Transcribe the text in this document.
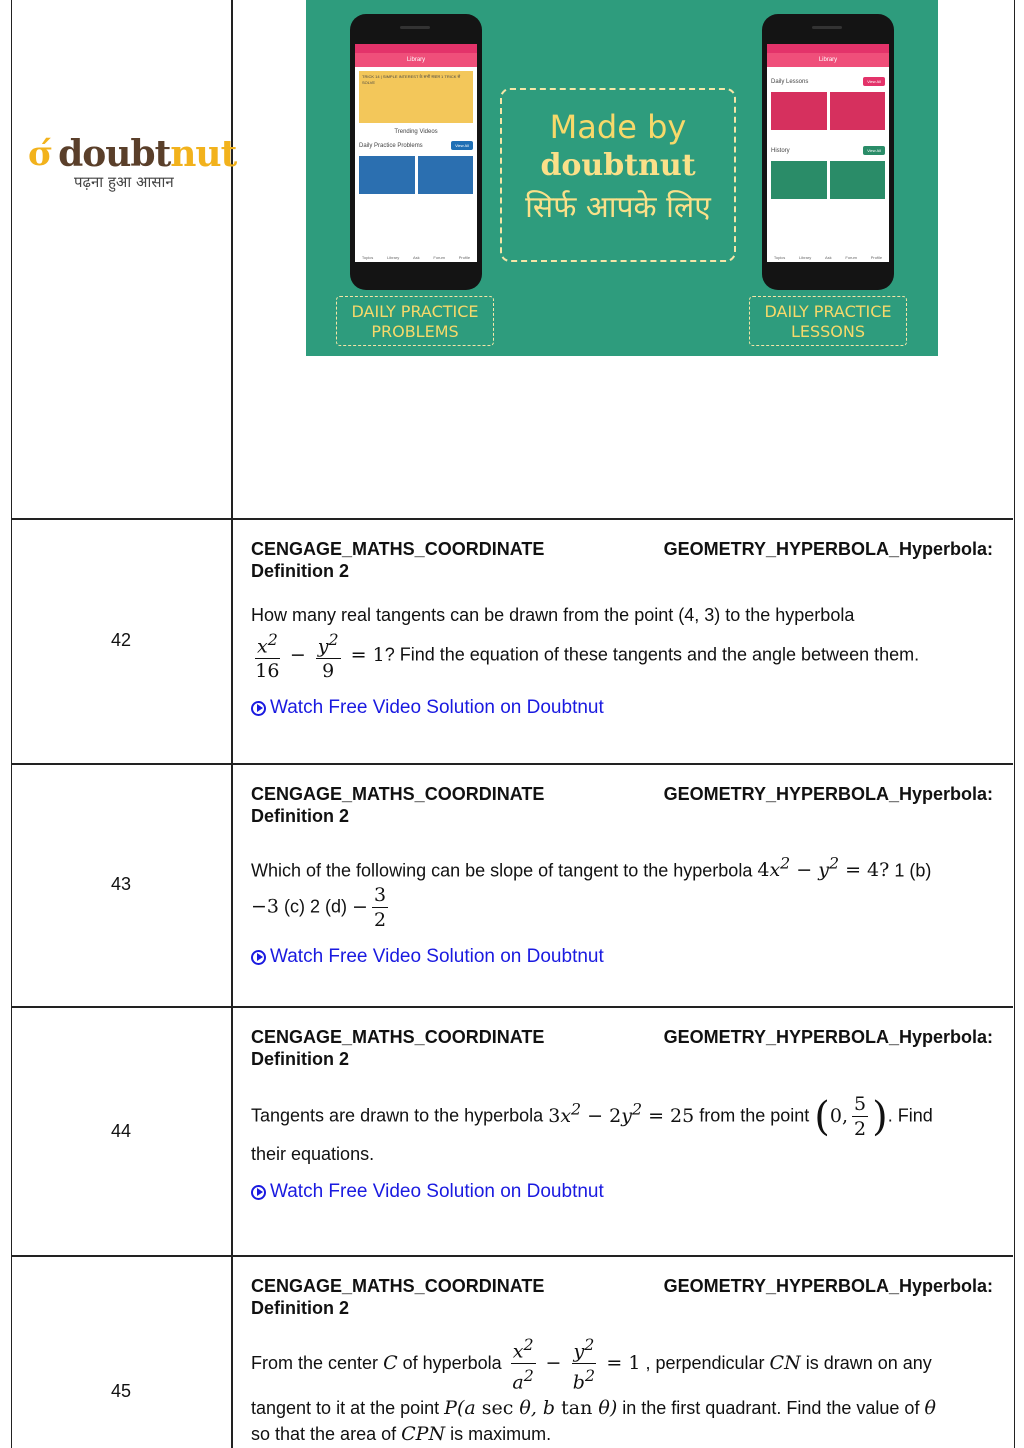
σ́ doubt nut
पढ़ना हुआ आसान
Library
TRICK 14 | SIMPLE INTEREST के सभी सवाल 1 TRICK से SOLVE
Trending Videos
Daily Practice Problems	View All
Topics	Library	Ask	Forum	Profile
Library
Daily Lessons	View All
History	View All
Topics	Library	Ask	Forum	Profile
Made by
doubtnut
सिर्फ आपके लिए
DAILY PRACTICE
PROBLEMS
DAILY PRACTICE
LESSONS
42
CENGAGE_MATHS_COORDINATE	GEOMETRY_HYPERBOLA_Hyperbola:
Definition 2
How many real tangents can be drawn from the point (4, 3) to the hyperbola

$\frac{x^2}{16} - \frac{y^2}{9} = 1$? Find the equation of these tangents and the angle between them.
Watch Free Video Solution on Doubtnut
43
CENGAGE_MATHS_COORDINATE	GEOMETRY_HYPERBOLA_Hyperbola:
Definition 2
Which of the following can be slope of tangent to the hyperbola $4x^2 - y^2 = 4$? 1 (b)
−3 (c) 2 $(d) - \frac{3}{2}$
Watch Free Video Solution on Doubtnut
44
CENGAGE_MATHS_COORDINATE	GEOMETRY_HYPERBOLA_Hyperbola:
Definition 2
Tangents are drawn to the hyperbola $3x^2 - 2y^2 = 25$ from the point (0, $\frac{5}{2}$ ). Find
their equations.
Watch Free Video Solution on Doubtnut
45
CENGAGE_MATHS_COORDINATE	GEOMETRY_HYPERBOLA_Hyperbola:
Definition 2
From the center C of hyperbola $\frac{x^2}{a^2} - \frac{y^2}{b^2} = 1$ , perpendicular CN is drawn on any
tangent to it at the point P(a sec θ, b tan θ) in the first quadrant. Find the value of θ
so that the area of CPN is maximum.
